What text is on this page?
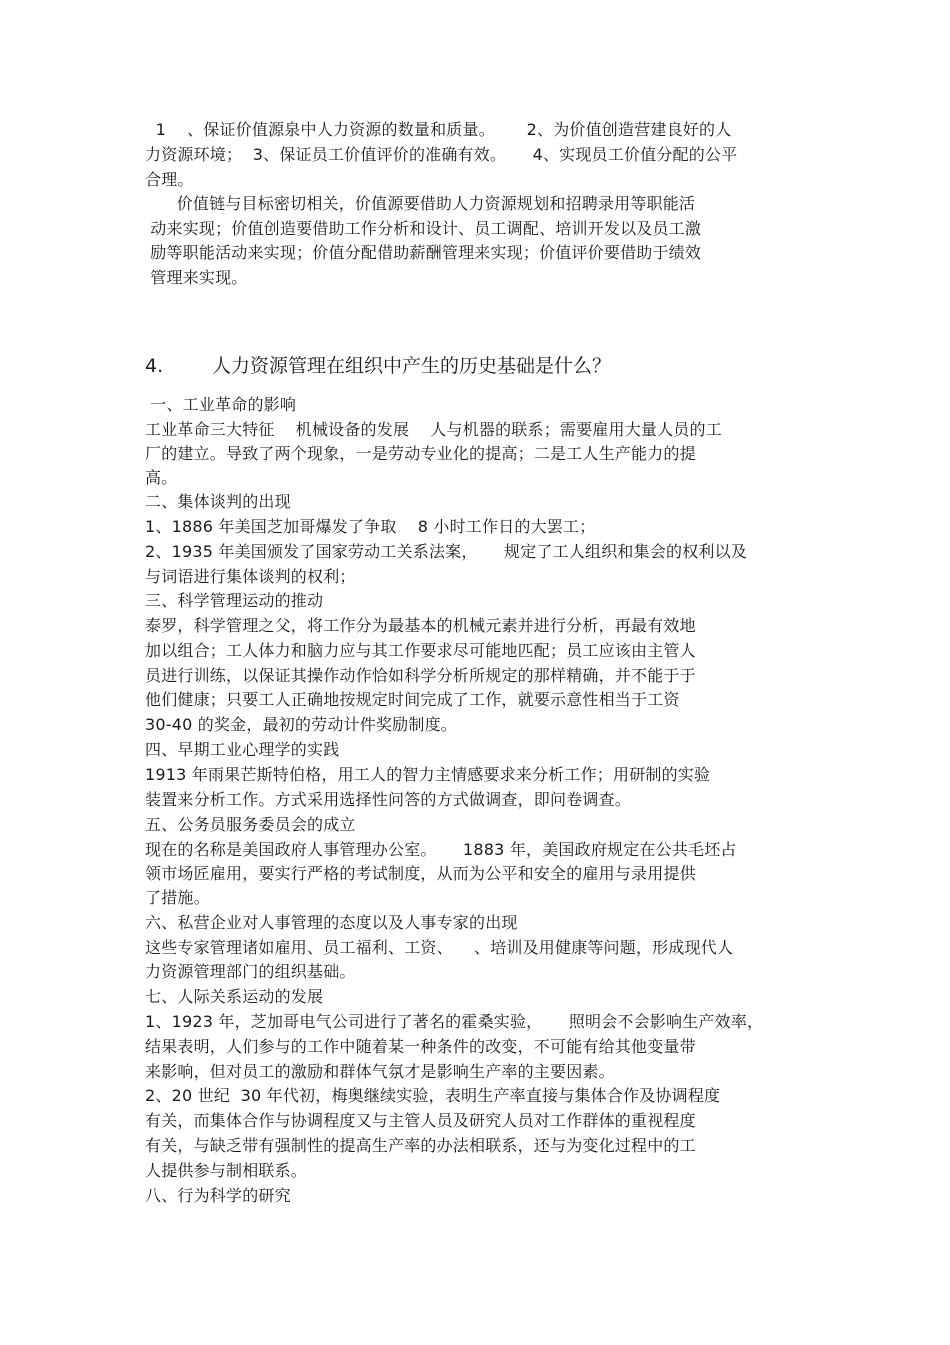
1    、保证价值源泉中人力资源的数量和质量。      2、为价值创造营建良好的人
力资源环境；  3、保证员工价值评价的准确有效。     4、实现员工价值分配的公平
合理。
价值链与目标密切相关，价值源要借助人力资源规划和招聘录用等职能活
动来实现；价值创造要借助工作分析和设计、员工调配、培训开发以及员工激
励等职能活动来实现；价值分配借助薪酬管理来实现；价值评价要借助于绩效
管理来实现。
4.	人力资源管理在组织中产生的历史基础是什么？
一、工业革命的影响
工业革命三大特征    机械设备的发展    人与机器的联系；需要雇用大量人员的工
厂的建立。导致了两个现象，一是劳动专业化的提高；二是工人生产能力的提
高。
二、集体谈判的出现
1、1886 年美国芝加哥爆发了争取    8 小时工作日的大罢工；
2、1935 年美国颁发了国家劳动工关系法案，     规定了工人组织和集会的权利以及
与词语进行集体谈判的权利；
三、科学管理运动的推动
泰罗，科学管理之父，将工作分为最基本的机械元素并进行分析，再最有效地
加以组合；工人体力和脑力应与其工作要求尽可能地匹配；员工应该由主管人
员进行训练，以保证其操作动作恰如科学分析所规定的那样精确，并不能于于
他们健康；只要工人正确地按规定时间完成了工作，就要示意性相当于工资
30-40 的奖金，最初的劳动计件奖励制度。
四、早期工业心理学的实践
1913 年雨果芒斯特伯格，用工人的智力主情感要求来分析工作；用研制的实验
装置来分析工作。方式采用选择性问答的方式做调查，即问卷调查。
五、公务员服务委员会的成立
现在的名称是美国政府人事管理办公室。     1883 年，美国政府规定在公共毛坯占
领市场匠雇用，要实行严格的考试制度，从而为公平和安全的雇用与录用提供
了措施。
六、私营企业对人事管理的态度以及人事专家的出现
这些专家管理诸如雇用、员工福利、工资、    、培训及用健康等问题，形成现代人
力资源管理部门的组织基础。
七、人际关系运动的发展
1、1923 年，芝加哥电气公司进行了著名的霍桑实验，     照明会不会影响生产效率，
结果表明，人们参与的工作中随着某一种条件的改变，不可能有给其他变量带
来影响，但对员工的激励和群体气氛才是影响生产率的主要因素。
2、20 世纪  30 年代初，梅奥继续实验，表明生产率直接与集体合作及协调程度
有关，而集体合作与协调程度又与主管人员及研究人员对工作群体的重视程度
有关，与缺乏带有强制性的提高生产率的办法相联系，还与为变化过程中的工
人提供参与制相联系。
八、行为科学的研究
